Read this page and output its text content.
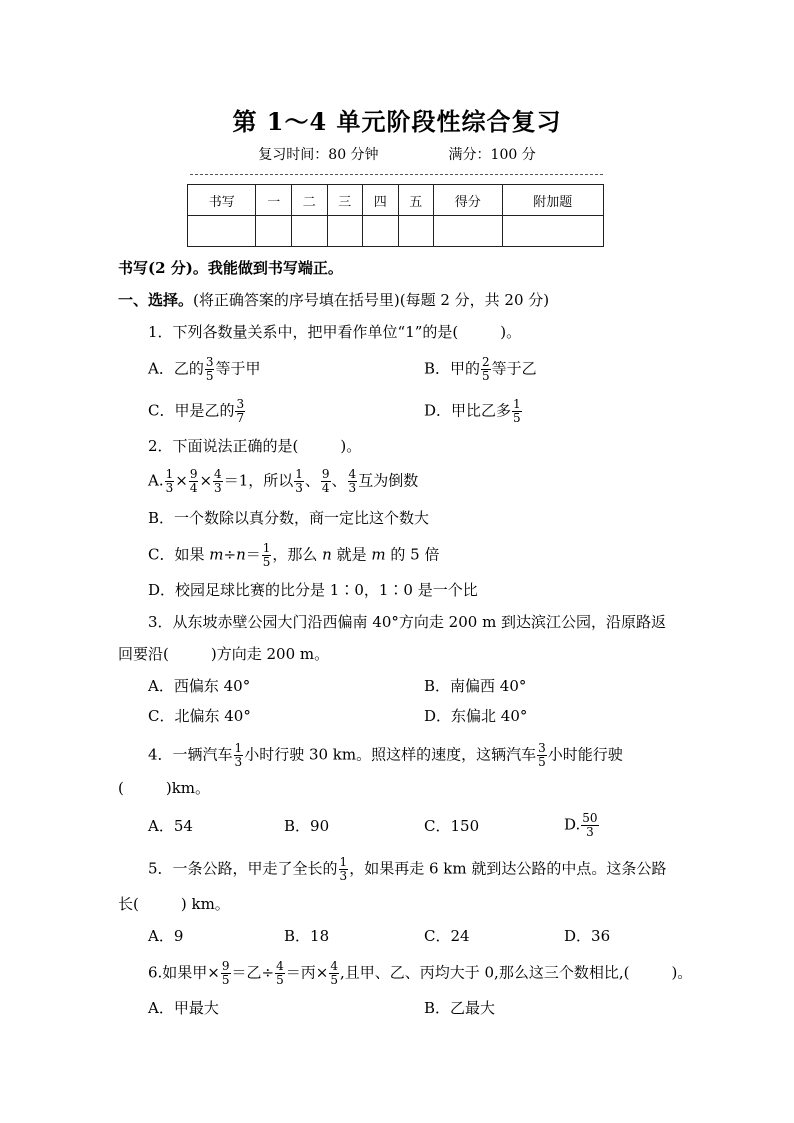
第 1～4 单元阶段性综合复习
复习时间：80 分钟	满分：100 分
书写	一	二	三	四	五	得分	附加题

书写(2 分)。我能做到书写端正。
一、选择。(将正确答案的序号填在括号里)(每题 2 分，共 20 分)
1．下列各数量关系中，把甲看作单位“1”的是(	)。
A．乙的 $\frac{3}{5}$ 等于甲	B．甲的 $\frac{2}{5}$ 等于乙
C．甲是乙的 $\frac{3}{7}$	D．甲比乙多 $\frac{1}{5}$
2．下面说法正确的是(	)。
A. $\frac{1}{3} \times \frac{9}{4} \times \frac{4}{3} =1$，所以 $\frac{1}{3}$ 、 $\frac{9}{4}$ 、 $\frac{4}{3}$ 互为倒数
B．一个数除以真分数，商一定比这个数大
C．如果 $m\div n= \frac{1}{5}$ ，那么 n 就是 m 的 5 倍
D．校园足球比赛的比分是 1∶0，1∶0 是一个比
3．从东坡赤壁公园大门沿西偏南 40°方向走 200 m 到达滨江公园，沿原路返
回要沿(	)方向走 200 m。
A．西偏东 40°	B．南偏西 40°
C．北偏东 40°	D．东偏北 40°
4．一辆汽车 $\frac{1}{3}$ 小时行驶 30 km。照这样的速度，这辆汽车 $\frac{3}{5}$ 小时能行驶
(	)km。
A．54	B．90	C．150	D. $\frac{50}{3}$
5．一条公路，甲走了全长的 $\frac{1}{3}$ ，如果再走 6 km 就到达公路的中点。这条公路
长(	) km。
A．9	B．18	C．24	D．36
6.如果甲× $\frac{9}{5}$ ＝乙÷ $\frac{4}{5}$ ＝丙× $\frac{4}{5}$ ,且甲、乙、丙均大于 0,那么这三个数相比,(	)。
A．甲最大	B．乙最大
